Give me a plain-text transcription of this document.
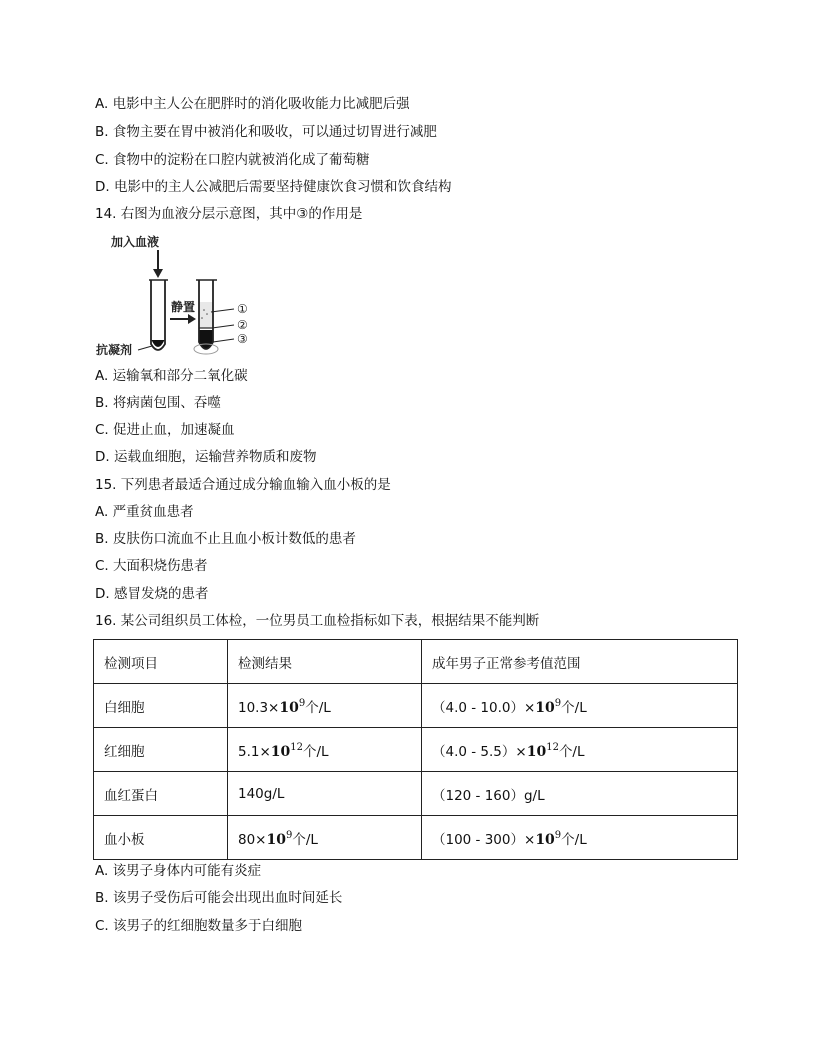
A. 电影中主人公在肥胖时的消化吸收能力比减肥后强
B. 食物主要在胃中被消化和吸收，可以通过切胃进行减肥
C. 食物中的淀粉在口腔内就被消化成了葡萄糖
D. 电影中的主人公减肥后需要坚持健康饮食习惯和饮食结构
14. 右图为血液分层示意图，其中③的作用是
加入血液
抗凝剂
静置	①
②
③
A. 运输氧和部分二氧化碳
B. 将病菌包围、吞噬
C. 促进止血，加速凝血
D. 运载血细胞，运输营养物质和废物
15. 下列患者最适合通过成分输血输入血小板的是
A. 严重贫血患者
B. 皮肤伤口流血不止且血小板计数低的患者
C. 大面积烧伤患者
D. 感冒发烧的患者
16. 某公司组织员工体检，一位男员工血检指标如下表，根据结果不能判断
检测项目	检测结果	成年男子正常参考值范围
白细胞	$10.3\times 10^9$个/L	$(4.0 - 10.0)\times 10^9$个/L
红细胞	$5.1\times 10^{12}$个/L	$(4.0 - 5.5)\times 10^{12}$个/L
血红蛋白	140g/L	（120 - 160）g/L
血小板	$80\times 10^9$个/L	$(100 - 300)\times 10^9$个/L
A. 该男子身体内可能有炎症
B. 该男子受伤后可能会出现出血时间延长
C. 该男子的红细胞数量多于白细胞
